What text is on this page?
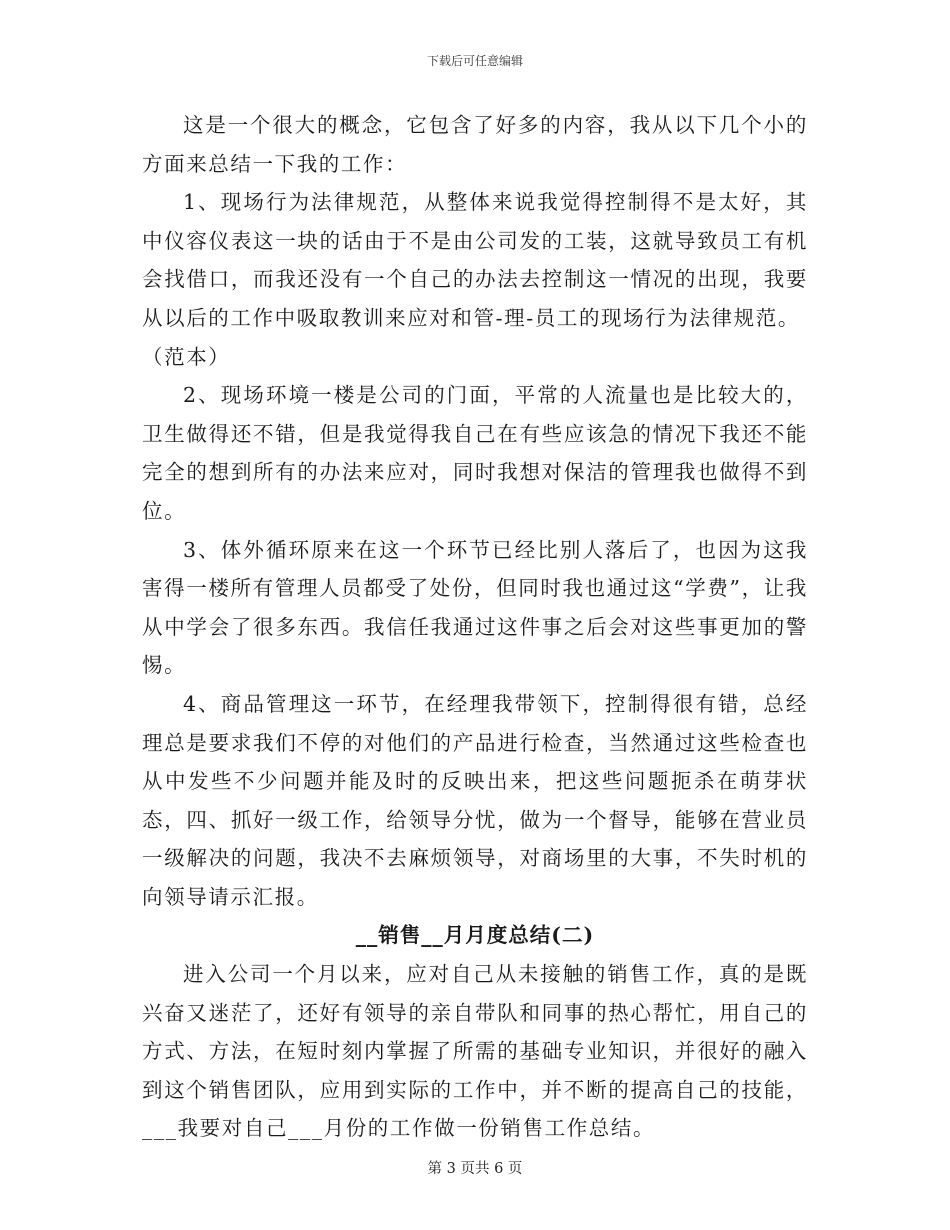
下载后可任意编辑

这是一个很大的概念，它包含了好多的内容，我从以下几个小的方面来总结一下我的工作：

1、现场行为法律规范，从整体来说我觉得控制得不是太好，其中仪容仪表这一块的话由于不是由公司发的工装，这就导致员工有机会找借口，而我还没有一个自己的办法去控制这一情况的出现，我要从以后的工作中吸取教训来应对和管-理-员工的现场行为法律规范。

（范本）

2、现场环境一楼是公司的门面，平常的人流量也是比较大的，卫生做得还不错，但是我觉得我自己在有些应该急的情况下我还不能完全的想到所有的办法来应对，同时我想对保洁的管理我也做得不到位。

3、体外循环原来在这一个环节已经比别人落后了，也因为这我害得一楼所有管理人员都受了处份，但同时我也通过这“学费”，让我从中学会了很多东西。我信任我通过这件事之后会对这些事更加的警惕。

4、商品管理这一环节，在经理我带领下，控制得很有错，总经理总是要求我们不停的对他们的产品进行检查，当然通过这些检查也从中发些不少问题并能及时的反映出来，把这些问题扼杀在萌芽状态，四、抓好一级工作，给领导分忧，做为一个督导，能够在营业员一级解决的问题，我决不去麻烦领导，对商场里的大事，不失时机的向领导请示汇报。

__销售__月月度总结(二)

进入公司一个月以来，应对自己从未接触的销售工作，真的是既兴奋又迷茫了，还好有领导的亲自带队和同事的热心帮忙，用自己的方式、方法，在短时刻内掌握了所需的基础专业知识，并很好的融入到这个销售团队，应用到实际的工作中，并不断的提高自己的技能，___我要对自己___月份的工作做一份销售工作总结。

第 3 页共 6 页
